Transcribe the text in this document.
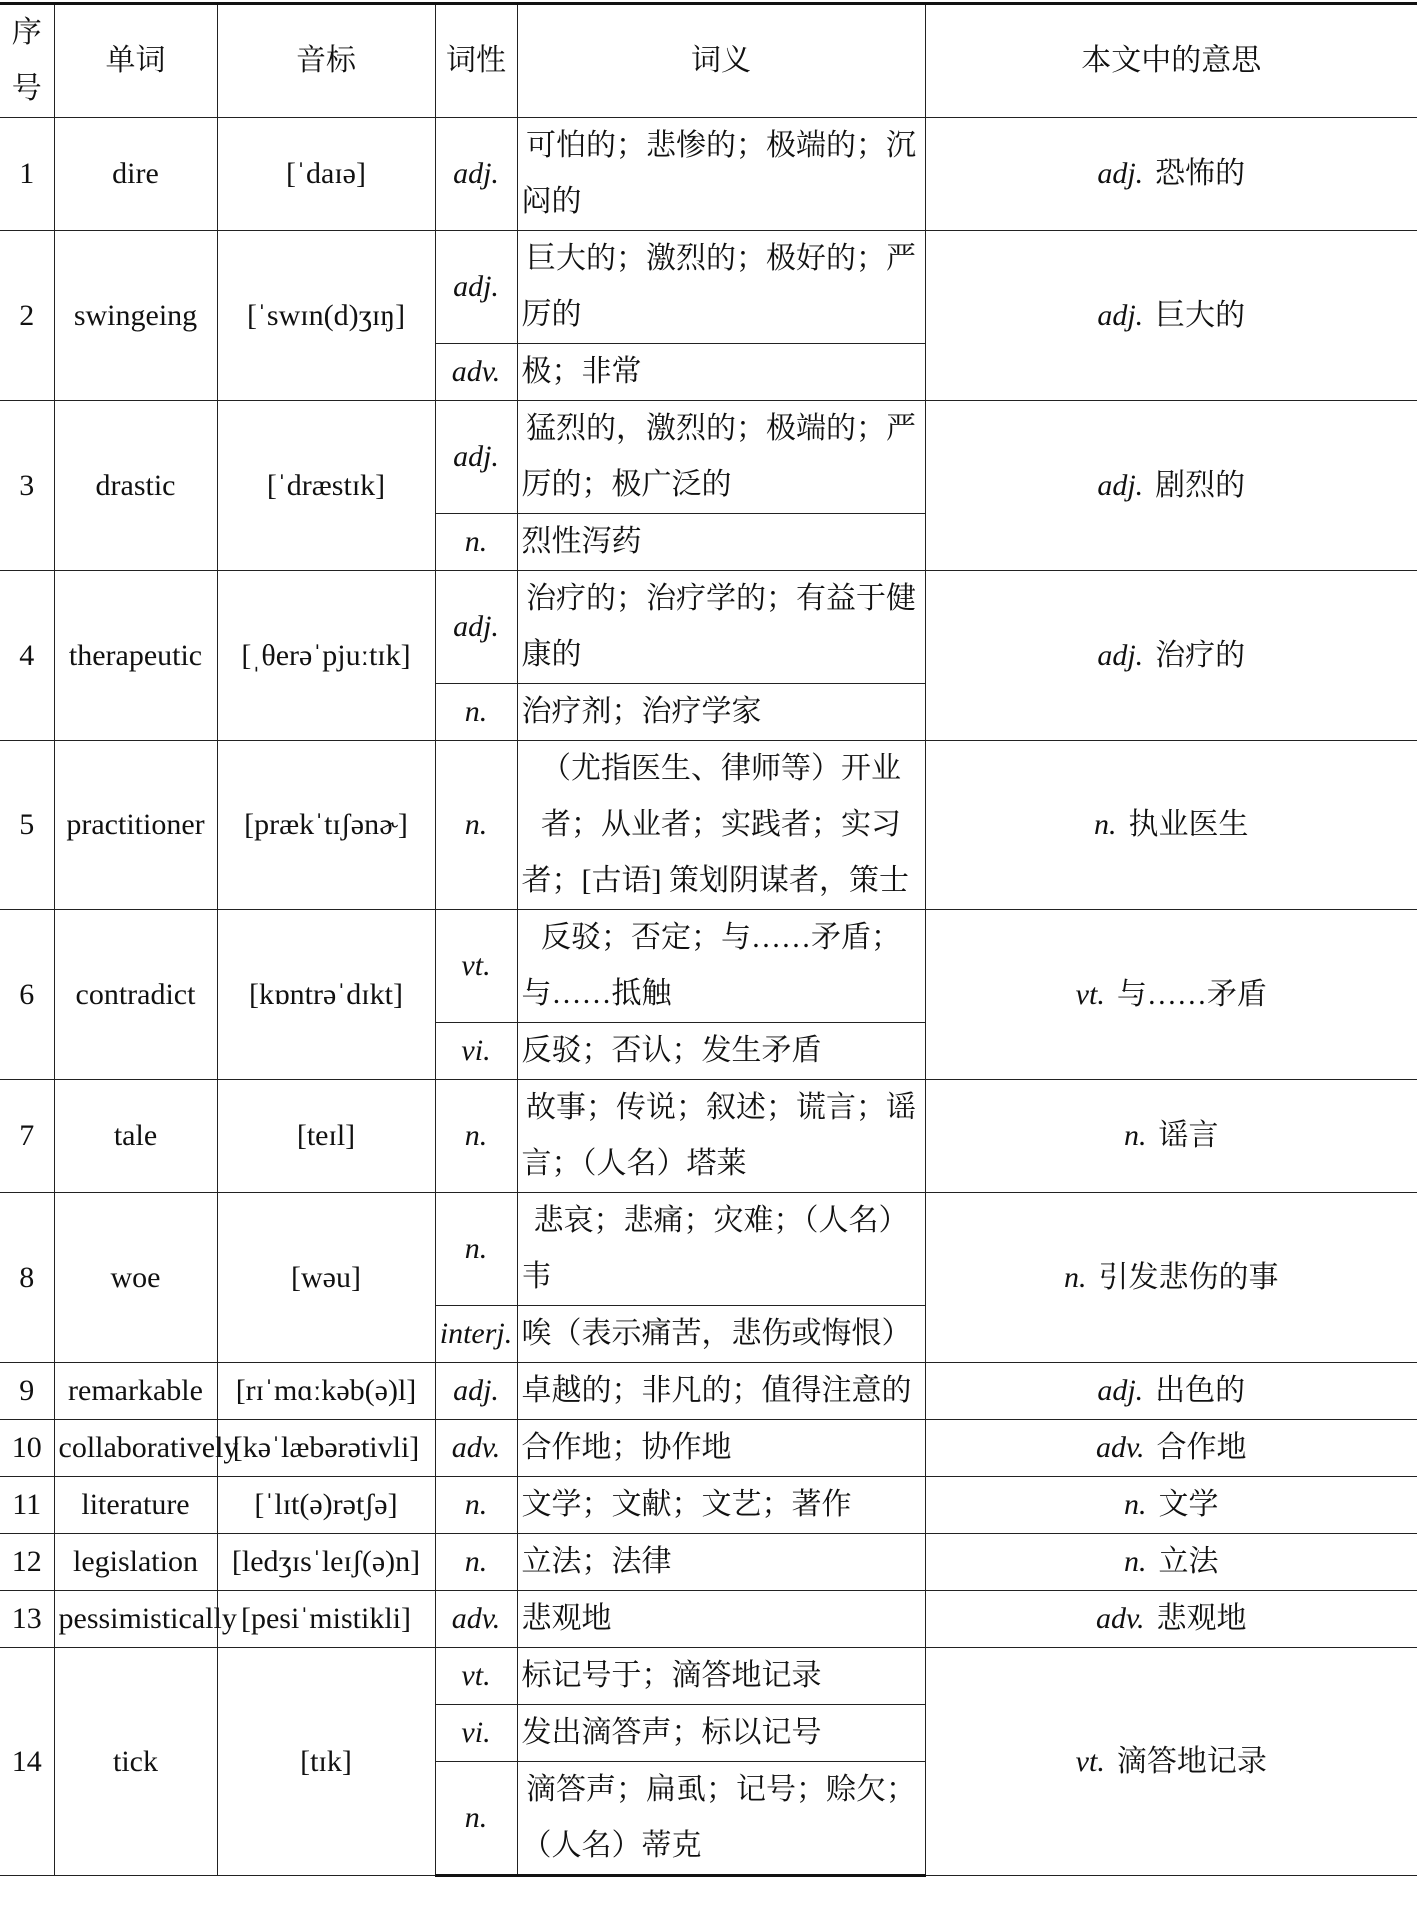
序号	单词	音标	词性	词义	本文中的意思
1	dire	[ˈdaɪə]	adj.	可怕的；悲惨的；极端的；沉闷的	adj. 恐怖的
2	swingeing	[ˈswɪn(d)ʒɪŋ]	adj.	巨大的；激烈的；极好的；严厉的	adj. 巨大的
			adv.	极；非常	
3	drastic	[ˈdræstɪk]	adj.	猛烈的，激烈的；极端的；严厉的；极广泛的	adj. 剧烈的
			n.	烈性泻药	
4	therapeutic	[ˌθerəˈpjuːtɪk]	adj.	治疗的；治疗学的；有益于健康的	adj. 治疗的
			n.	治疗剂；治疗学家	
5	practitioner	[prækˈtɪʃənɚ]	n.	（尤指医生、律师等）开业者；从业者；实践者；实习者；[古语] 策划阴谋者，策士	n. 执业医生
6	contradict	[kɒntrəˈdɪkt]	vt.	反驳；否定；与……矛盾；与……抵触	vt. 与……矛盾
			vi.	反驳；否认；发生矛盾	
7	tale	[teɪl]	n.	故事；传说；叙述；谎言；谣言；（人名）塔莱	n. 谣言
8	woe	[wəu]	n.	悲哀；悲痛；灾难；（人名）韦	n. 引发悲伤的事
			interj.	唉（表示痛苦，悲伤或悔恨）	
9	remarkable	[rɪˈmɑːkəb(ə)l]	adj.	卓越的；非凡的；值得注意的	adj. 出色的
10	collaboratively	[kəˈlæbərətivli]	adv.	合作地；协作地	adv. 合作地
11	literature	[ˈlɪt(ə)rətʃə]	n.	文学；文献；文艺；著作	n. 文学
12	legislation	[ledʒɪsˈleɪʃ(ə)n]	n.	立法；法律	n. 立法
13	pessimistically	[pesiˈmistikli]	adv.	悲观地	adv. 悲观地
14	tick	[tɪk]	vt.	标记号于；滴答地记录	vt. 滴答地记录
			vi.	发出滴答声；标以记号	
			n.	滴答声；扁虱；记号；赊欠；（人名）蒂克	
